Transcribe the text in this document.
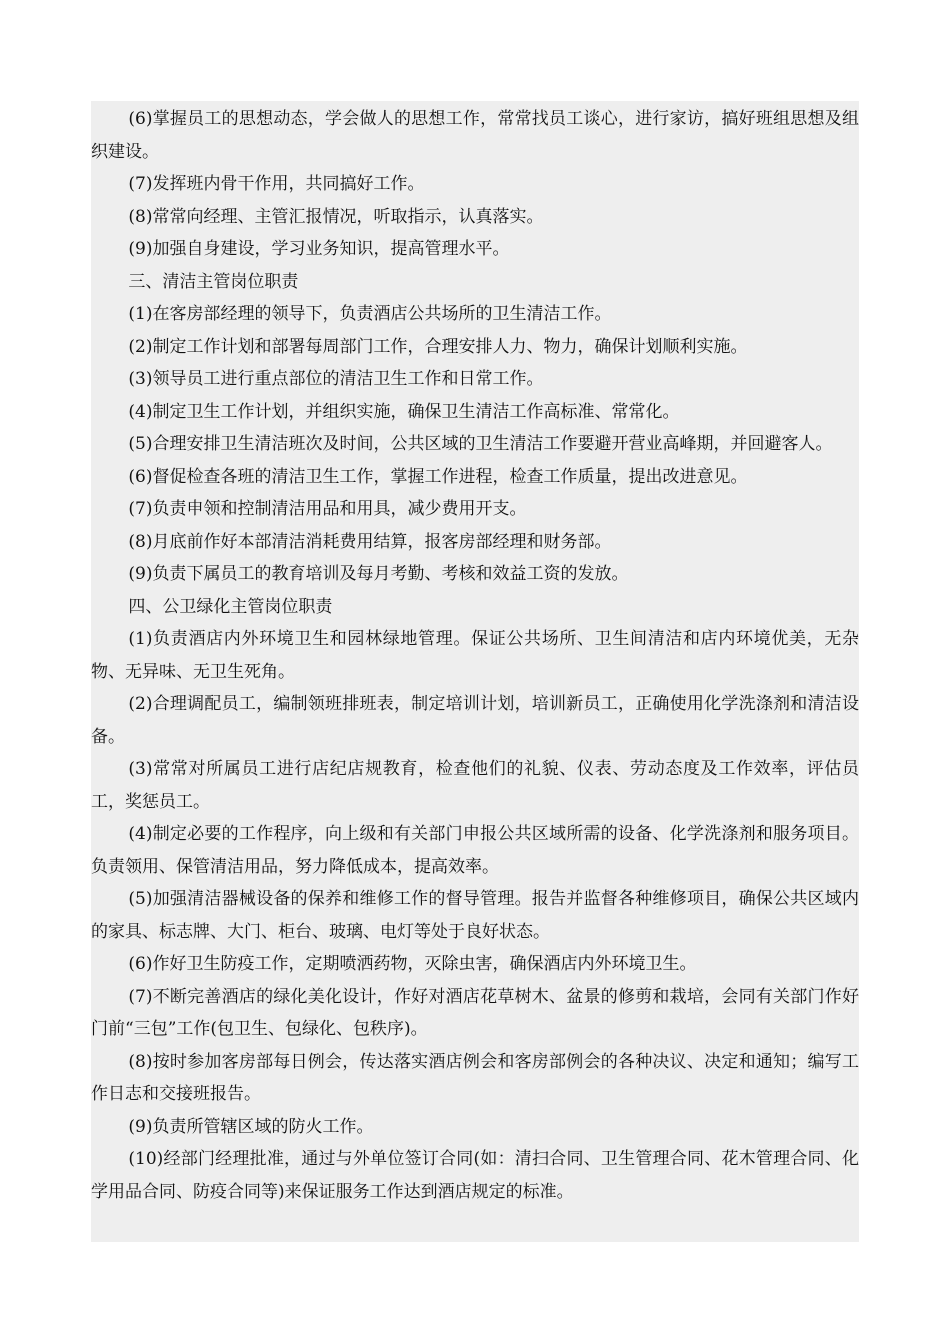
(6)掌握员工的思想动态，学会做人的思想工作，常常找员工谈心，进行家访，搞好班组思想及组织建设。

(7)发挥班内骨干作用，共同搞好工作。

(8)常常向经理、主管汇报情况，听取指示，认真落实。

(9)加强自身建设，学习业务知识，提高管理水平。

三、清洁主管岗位职责

(1)在客房部经理的领导下，负责酒店公共场所的卫生清洁工作。

(2)制定工作计划和部署每周部门工作，合理安排人力、物力，确保计划顺利实施。

(3)领导员工进行重点部位的清洁卫生工作和日常工作。

(4)制定卫生工作计划，并组织实施，确保卫生清洁工作高标准、常常化。

(5)合理安排卫生清洁班次及时间，公共区域的卫生清洁工作要避开营业高峰期，并回避客人。

(6)督促检查各班的清洁卫生工作，掌握工作进程，检查工作质量，提出改进意见。

(7)负责申领和控制清洁用品和用具，减少费用开支。

(8)月底前作好本部清洁消耗费用结算，报客房部经理和财务部。

(9)负责下属员工的教育培训及每月考勤、考核和效益工资的发放。

四、公卫绿化主管岗位职责

(1)负责酒店内外环境卫生和园林绿地管理。保证公共场所、卫生间清洁和店内环境优美，无杂物、无异味、无卫生死角。

(2)合理调配员工，编制领班排班表，制定培训计划，培训新员工，正确使用化学洗涤剂和清洁设备。

(3)常常对所属员工进行店纪店规教育，检查他们的礼貌、仪表、劳动态度及工作效率，评估员工，奖惩员工。

(4)制定必要的工作程序，向上级和有关部门申报公共区域所需的设备、化学洗涤剂和服务项目。负责领用、保管清洁用品，努力降低成本，提高效率。

(5)加强清洁器械设备的保养和维修工作的督导管理。报告并监督各种维修项目，确保公共区域内的家具、标志牌、大门、柜台、玻璃、电灯等处于良好状态。

(6)作好卫生防疫工作，定期喷洒药物，灭除虫害，确保酒店内外环境卫生。

(7)不断完善酒店的绿化美化设计，作好对酒店花草树木、盆景的修剪和栽培，会同有关部门作好门前“三包”工作(包卫生、包绿化、包秩序)。

(8)按时参加客房部每日例会，传达落实酒店例会和客房部例会的各种决议、决定和通知；编写工作日志和交接班报告。

(9)负责所管辖区域的防火工作。

(10)经部门经理批准，通过与外单位签订合同(如：清扫合同、卫生管理合同、花木管理合同、化学用品合同、防疫合同等)来保证服务工作达到酒店规定的标准。
